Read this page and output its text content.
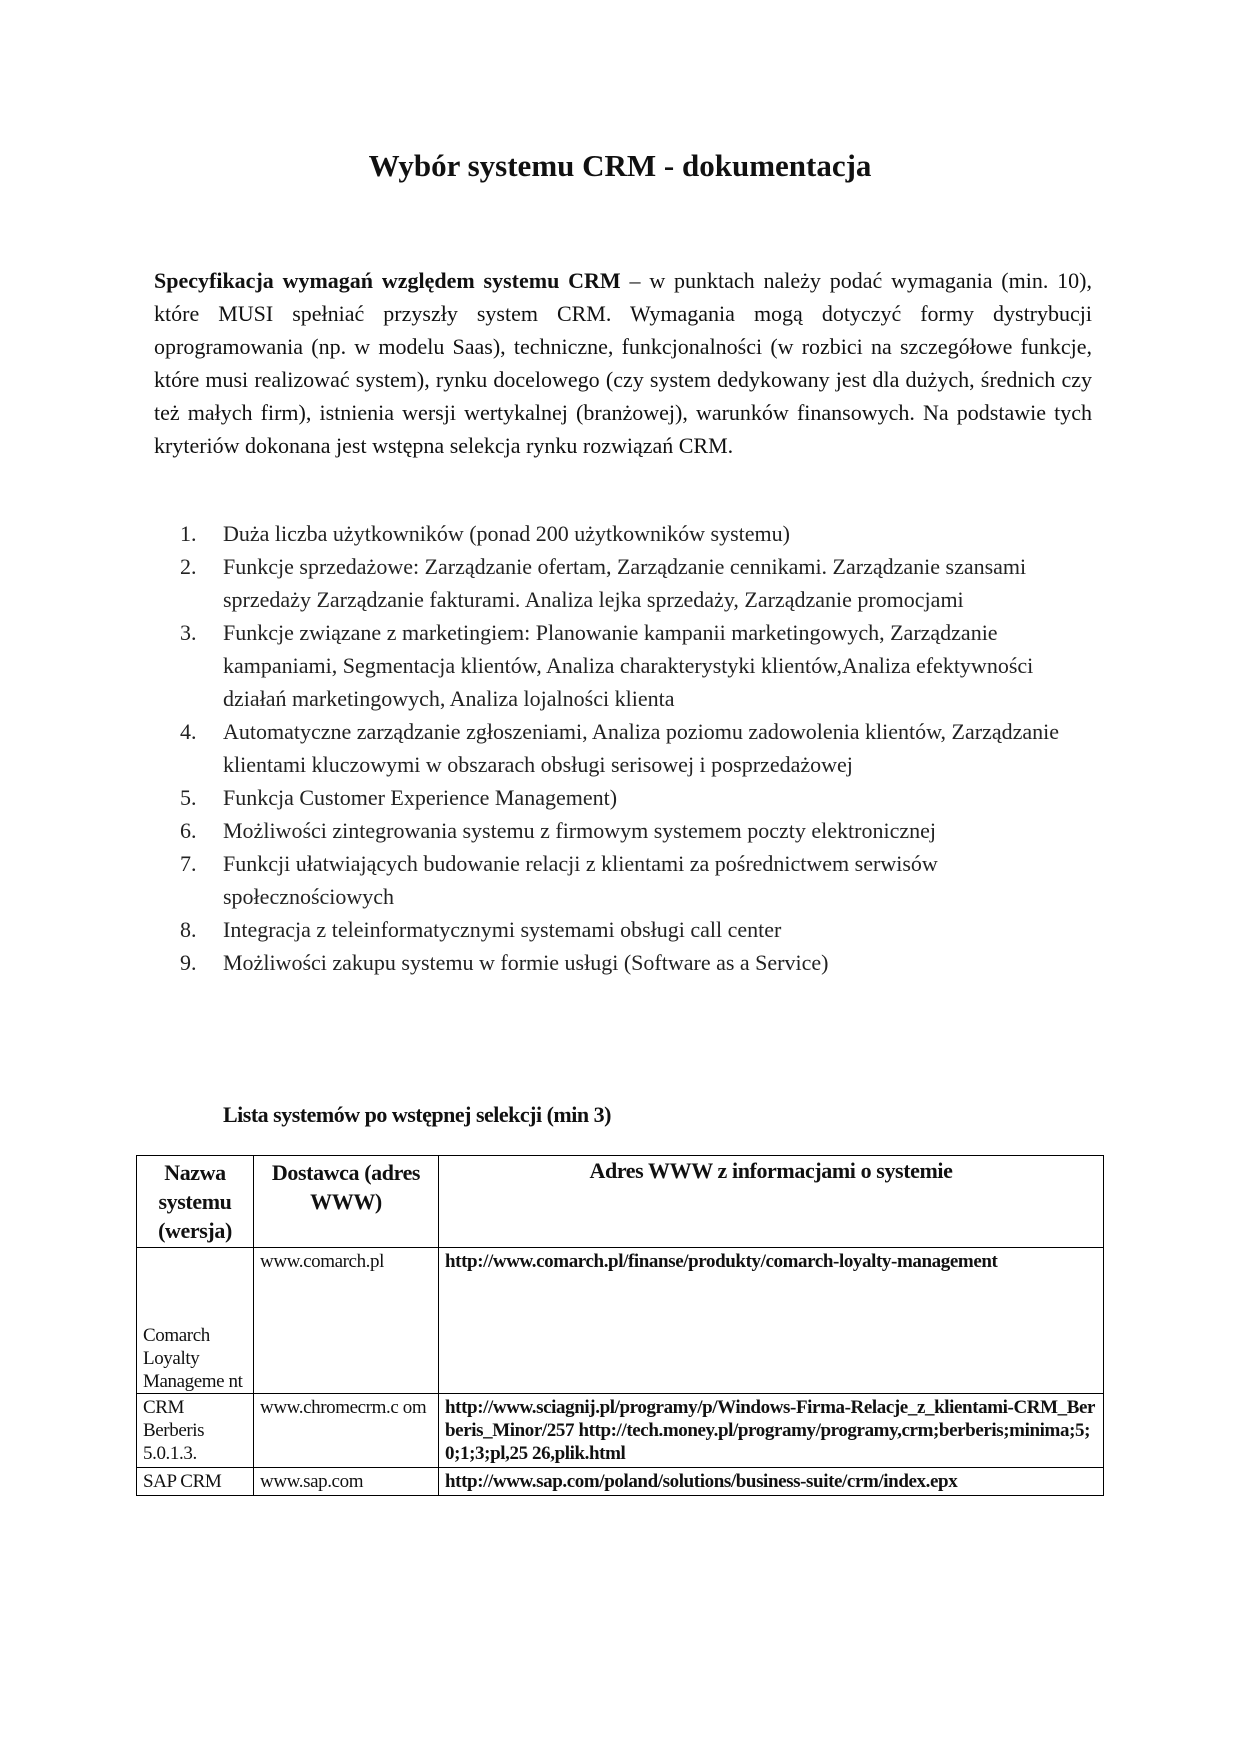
Wybór systemu CRM - dokumentacja
Specyfikacja wymagań względem systemu CRM – w punktach należy podać wymagania (min. 10), które MUSI spełniać przyszły system CRM. Wymagania mogą dotyczyć formy dystrybucji oprogramowania (np. w modelu Saas), techniczne, funkcjonalności (w rozbici na szczegółowe funkcje, które musi realizować system), rynku docelowego (czy system dedykowany jest dla dużych, średnich czy też małych firm), istnienia wersji wertykalnej (branżowej), warunków finansowych. Na podstawie tych kryteriów dokonana jest wstępna selekcja rynku rozwiązań CRM.
1. Duża liczba użytkowników (ponad 200 użytkowników systemu)
2. Funkcje sprzedażowe: Zarządzanie ofertam, Zarządzanie cennikami. Zarządzanie szansami sprzedaży Zarządzanie fakturami. Analiza lejka sprzedaży, Zarządzanie promocjami
3. Funkcje związane z marketingiem: Planowanie kampanii marketingowych, Zarządzanie kampaniami, Segmentacja klientów, Analiza charakterystyki klientów,Analiza efektywności działań marketingowych, Analiza lojalności klienta
4. Automatyczne zarządzanie zgłoszeniami, Analiza poziomu zadowolenia klientów, Zarządzanie klientami kluczowymi w obszarach obsługi serisowej i posprzedażowej
5. Funkcja Customer Experience Management)
6. Możliwości zintegrowania systemu z firmowym systemem poczty elektronicznej
7. Funkcji ułatwiających budowanie relacji z klientami za pośrednictwem serwisów społecznościowych
8. Integracja z teleinformatycznymi systemami obsługi call center
9. Możliwości zakupu systemu w formie usługi (Software as a Service)
Lista systemów po wstępnej selekcji (min 3)
Nazwa systemu (wersja)	Dostawca (adres WWW)	Adres WWW z informacjami o systemie
Comarch Loyalty Manageme nt	www.comarch.pl	http://www.comarch.pl/finanse/produkty/comarch-loyalty-management
CRM Berberis 5.0.1.3.	www.chromecrm.c om	http://www.sciagnij.pl/programy/p/Windows-Firma-Relacje_z_klientami-CRM_Berberis_Minor/257 http://tech.money.pl/programy/programy,crm;berberis;minima;5;0;1;3;pl,25 26,plik.html
SAP CRM	www.sap.com	http://www.sap.com/poland/solutions/business-suite/crm/index.epx
